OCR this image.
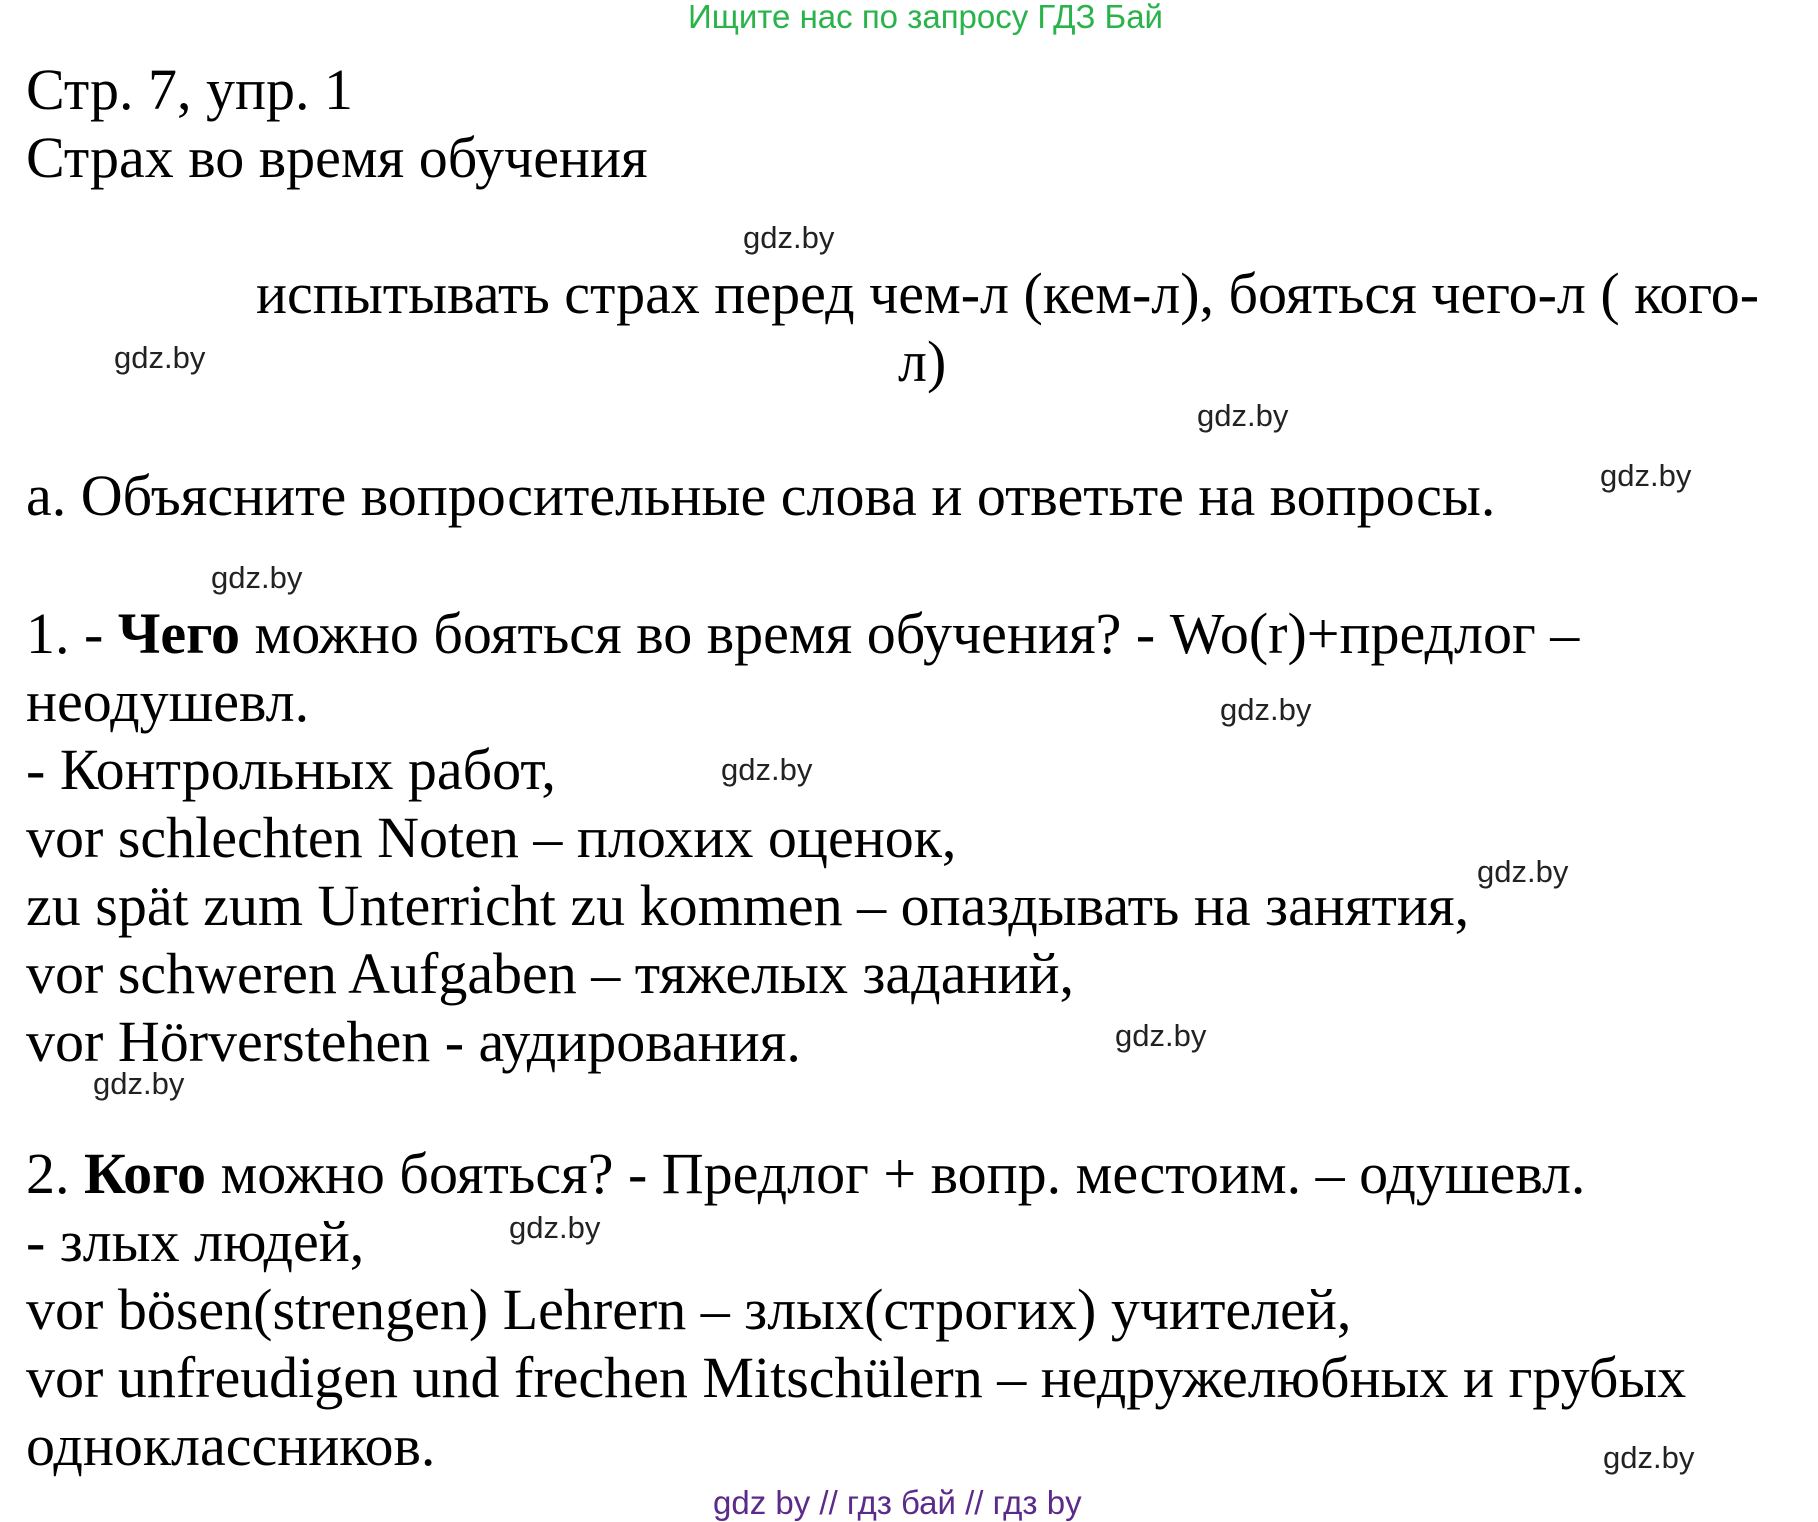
Ищите нас по запросу ГДЗ Бай
Стр. 7, упр. 1
Страх во время обучения
испытывать страх перед чем-л (кем-л), бояться чего-л ( кого-
л)
а. Объясните вопросительные слова и ответьте на вопросы.
1. - Чего можно бояться во время обучения? - Wo(r)+предлог –
неодушевл.
- Контрольных работ,
vor schlechten Noten – плохих оценок,
zu spät zum Unterricht zu kommen – опаздывать на занятия,
vor schweren Aufgaben – тяжелых заданий,
vor Hörverstehen - аудирования.
2. Кого можно бояться? - Предлог + вопр. местоим. – одушевл.
- злых людей,
vor bösen(strengen) Lehrern – злых(строгих) учителей,
vor unfreudigen und frechen Mitschülern – недружелюбных и грубых
одноклассников.
gdz.by
gdz.by
gdz.by
gdz.by
gdz.by
gdz.by
gdz.by
gdz.by
gdz.by
gdz.by
gdz.by
gdz.by
gdz by // гдз бай // гдз by
